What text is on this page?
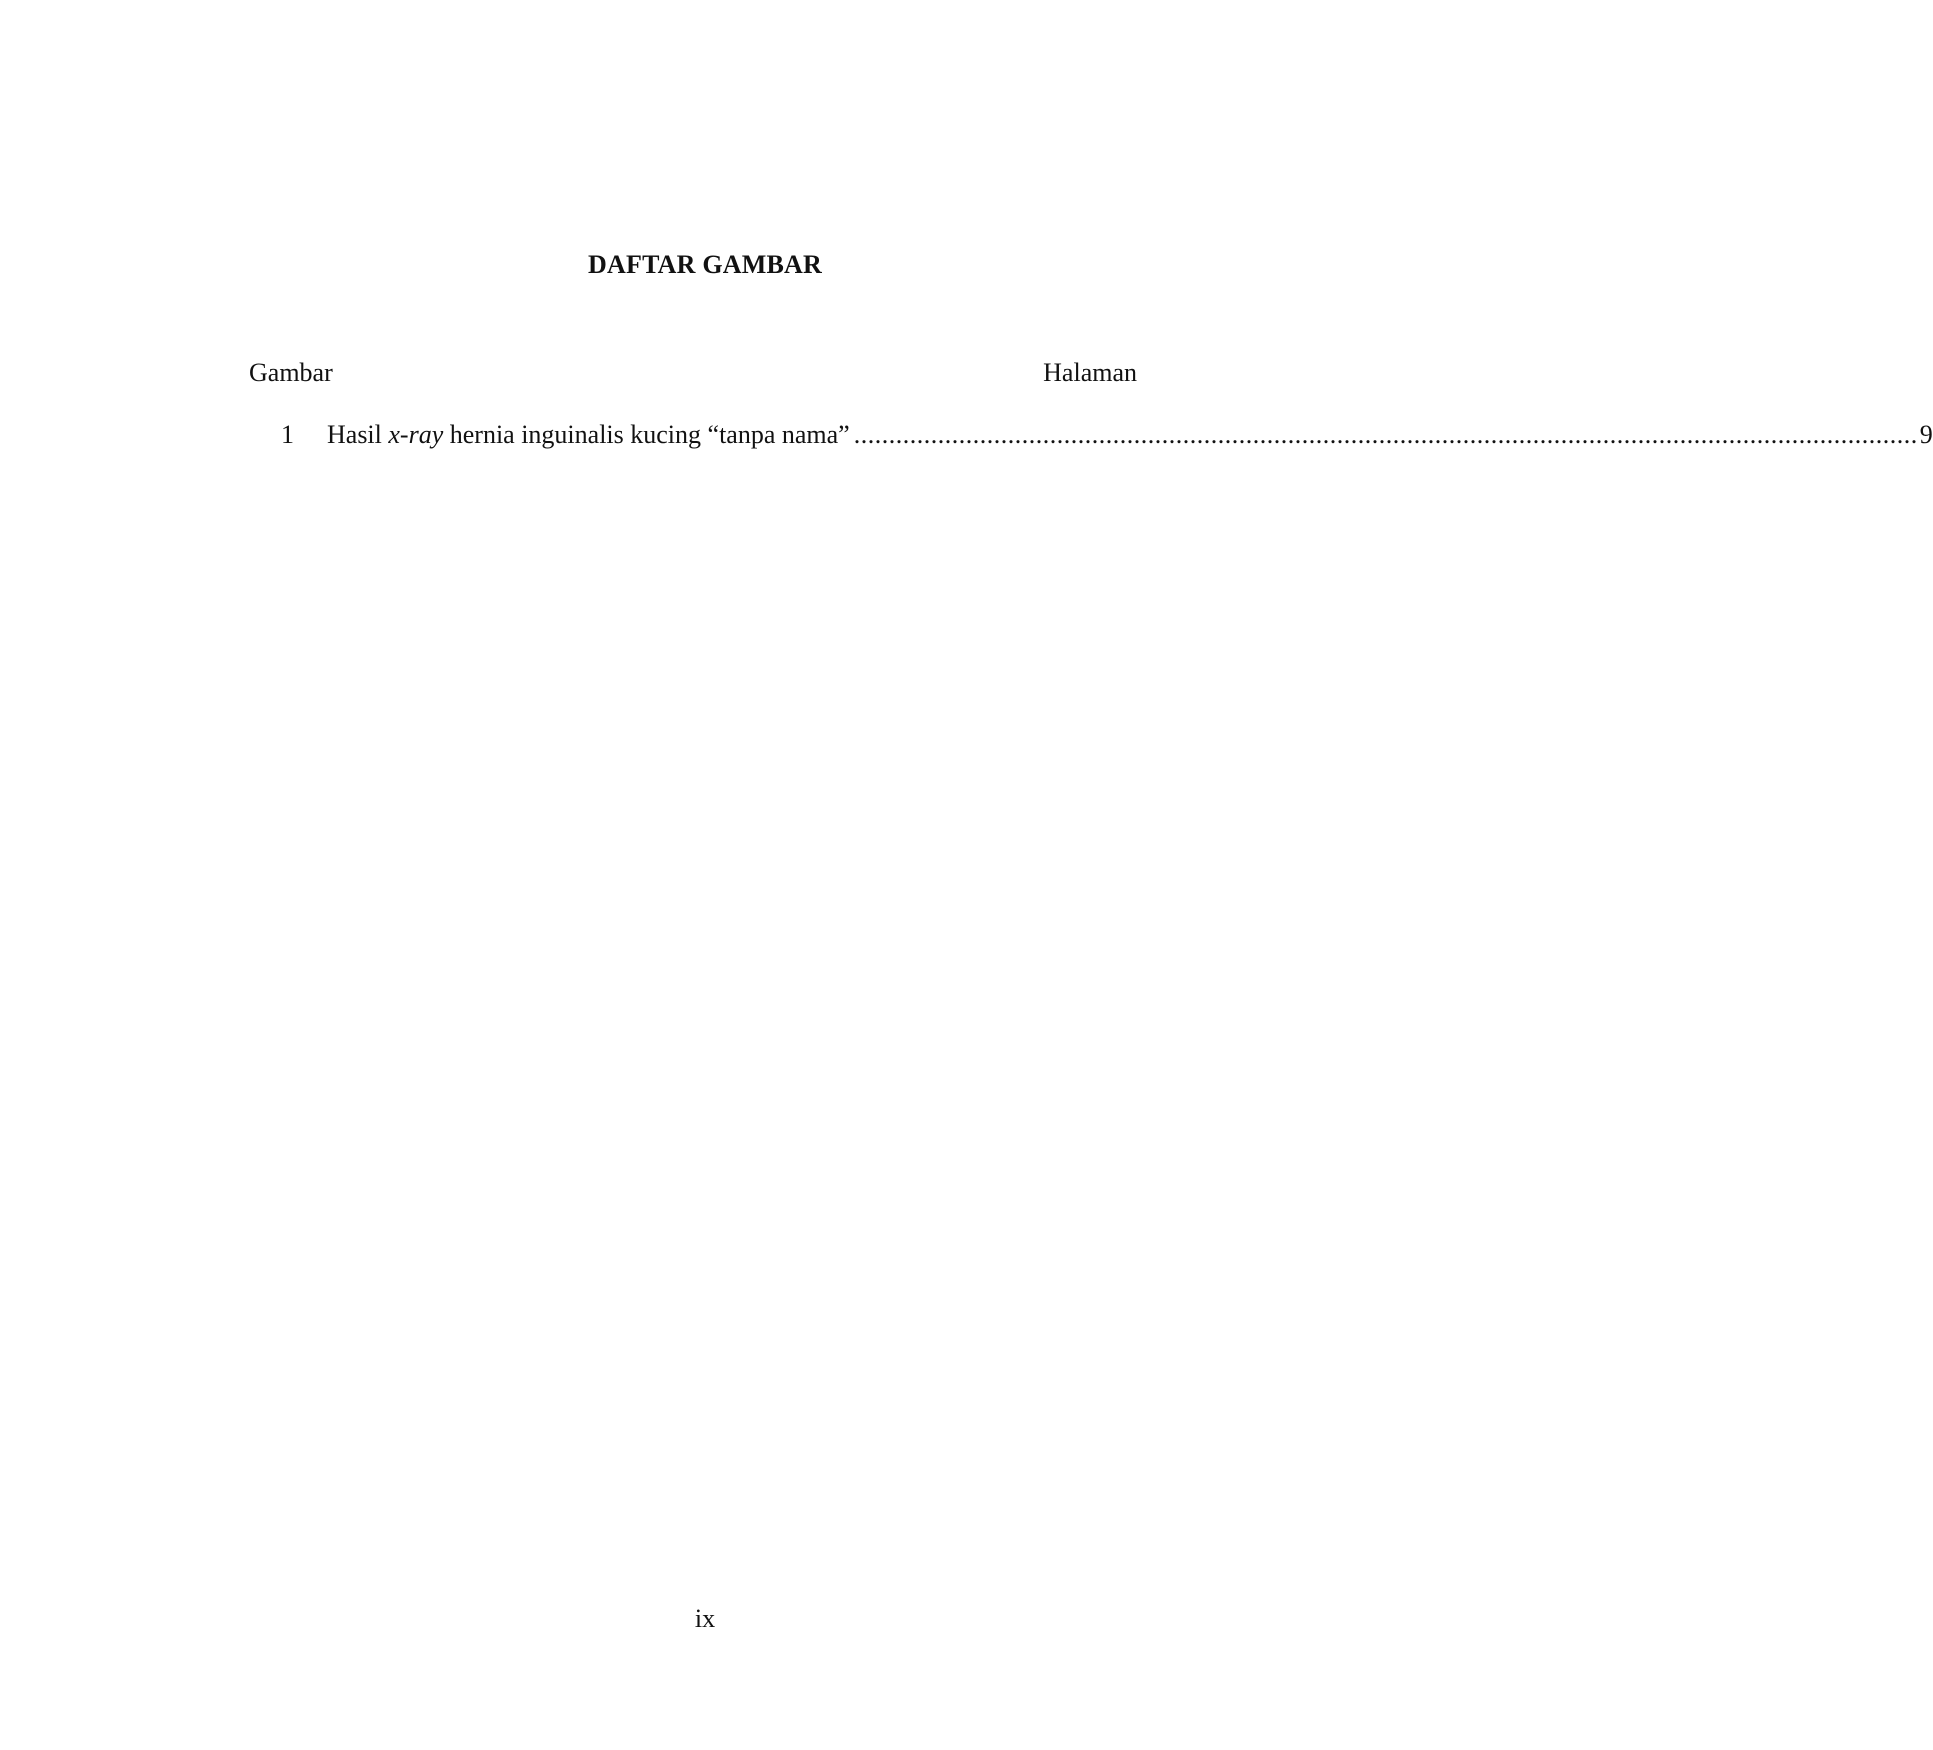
DAFTAR GAMBAR
Gambar	Halaman
1 Hasil x-ray hernia inguinalis kucing “tanpa nama” ........................................................................................................................................................ 9
ix
